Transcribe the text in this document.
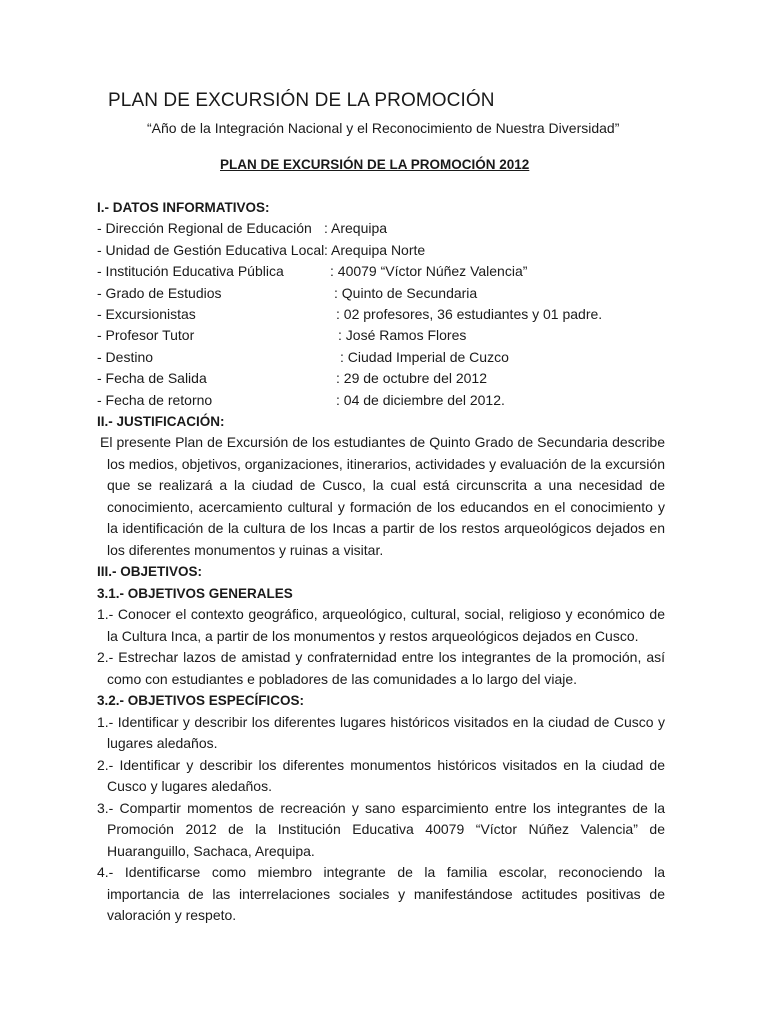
PLAN DE EXCURSIÓN DE LA PROMOCIÓN
“Año de la Integración Nacional y el Reconocimiento de Nuestra Diversidad”
PLAN DE EXCURSIÓN DE LA PROMOCIÓN 2012
I.- DATOS INFORMATIVOS:
- Dirección Regional de Educación : Arequipa
- Unidad de Gestión Educativa Local : Arequipa Norte
- Institución Educativa Pública	: 40079 “Víctor Núñez Valencia”
- Grado de Estudios	: Quinto de Secundaria
- Excursionistas	: 02 profesores, 36 estudiantes y 01 padre.
- Profesor Tutor	: José Ramos Flores
- Destino	: Ciudad Imperial de Cuzco
- Fecha de Salida	: 29 de octubre del 2012
- Fecha de retorno	: 04 de diciembre del 2012.
II.- JUSTIFICACIÓN:
El presente Plan de Excursión de los estudiantes de Quinto Grado de Secundaria describe los medios, objetivos, organizaciones, itinerarios, actividades y evaluación de la excursión que se realizará a la ciudad de Cusco, la cual está circunscrita a una necesidad de conocimiento, acercamiento cultural y formación de los educandos en el conocimiento y la identificación de la cultura de los Incas a partir de los restos arqueológicos dejados en los diferentes monumentos y ruinas a visitar.
III.- OBJETIVOS:
3.1.- OBJETIVOS GENERALES
1.- Conocer el contexto geográfico, arqueológico, cultural, social, religioso y económico de la Cultura Inca, a partir de los monumentos y restos arqueológicos dejados en Cusco.
2.- Estrechar lazos de amistad y confraternidad entre los integrantes de la promoción, así como con estudiantes e pobladores de las comunidades a lo largo del viaje.
3.2.- OBJETIVOS ESPECÍFICOS:
1.- Identificar y describir los diferentes lugares históricos visitados en la ciudad de Cusco y lugares aledaños.
2.- Identificar y describir los diferentes monumentos históricos visitados en la ciudad de Cusco y lugares aledaños.
3.- Compartir momentos de recreación y sano esparcimiento entre los integrantes de la Promoción 2012 de la Institución Educativa 40079 “Víctor Núñez Valencia” de Huaranguillo, Sachaca, Arequipa.
4.- Identificarse como miembro integrante de la familia escolar, reconociendo la importancia de las interrelaciones sociales y manifestándose actitudes positivas de valoración y respeto.
